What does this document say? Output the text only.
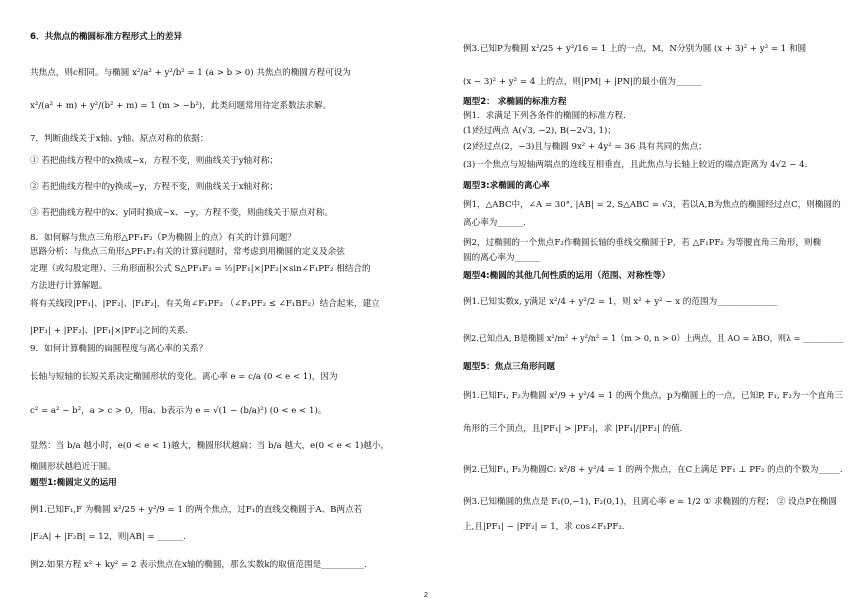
6．共焦点的椭圆标准方程形式上的差异
共焦点，则c相同。与椭圆 x²/a² + y²/b² = 1 (a > b > 0) 共焦点的椭圆方程可设为
x²/(a² + m) + y²/(b² + m) = 1 (m > −b²)，此类问题常用待定系数法求解。
7．判断曲线关于x轴、y轴、原点对称的依据：
① 若把曲线方程中的x换成−x，方程不变，则曲线关于y轴对称；
② 若把曲线方程中的y换成−y，方程不变，则曲线关于x轴对称；
③ 若把曲线方程中的x、y同时换成−x、−y，方程不变，则曲线关于原点对称。
8．如何解与焦点三角形△PF₁F₂（P为椭圆上的点）有关的计算问题？
思路分析：与焦点三角形△PF₁F₂有关的计算问题时，常考虑到用椭圆的定义及余弦
定理（或勾股定理）、三角形面积公式 S△PF₁F₂ = ½|PF₁|×|PF₂|×sin∠F₁PF₂ 相结合的
方法进行计算解题。
将有关线段|PF₁|、|PF₂|、|F₁F₂|，有关角∠F₁PF₂ （∠F₁PF₂ ≤ ∠F₁BF₂）结合起来，建立
|PF₁| + |PF₂|、|PF₁|×|PF₂|之间的关系.
9．如何计算椭圆的扁圆程度与离心率的关系？
长轴与短轴的长短关系决定椭圆形状的变化。离心率 e = c/a (0 < e < 1)，因为
c² = a² − b²，a > c > 0，用a、b表示为 e = √(1 − (b/a)²) (0 < e < 1)。
显然：当 b/a 越小时，e(0 < e < 1)越大，椭圆形状越扁；当 b/a 越大，e(0 < e < 1)越小，
椭圆形状越趋近于圆。
题型1:椭圆定义的运用
例1.已知F₁,F 为椭圆 x²/25 + y²/9 = 1 的两个焦点，过F₁的直线交椭圆于A、B两点若
|F₂A| + |F₂B| = 12，则|AB| = ______.
例2.如果方程 x² + ky² = 2 表示焦点在x轴的椭圆，那么实数k的取值范围是__________.
例3.已知P为椭圆 x²/25 + y²/16 = 1 上的一点，M，N分别为圆 (x + 3)² + y² = 1 和圆
(x − 3)² + y² = 4 上的点，则|PM| + |PN|的最小值为______
题型2： 求椭圆的标准方程
例1．求满足下列各条件的椭圆的标准方程.
(1)经过两点 A(√3, −2), B(−2√3, 1)；
(2)经过点(2，−3)且与椭圆 9x² + 4y² = 36 具有共同的焦点；
(3)一个焦点与短轴两端点的连线互相垂直，且此焦点与长轴上较近的端点距离为 4√2 − 4.
题型3:求椭圆的离心率
例1，△ABC中，∠A = 30°, |AB| = 2, S△ABC = √3，若以A,B为焦点的椭圆经过点C，则椭圆的
离心率为______.
例2，过椭圆的一个焦点F₂作椭圆长轴的垂线交椭圆于P，若 △F₁PF₂ 为等腰直角三角形，则椭
圆的离心率为______
题型4:椭圆的其他几何性质的运用（范围、对称性等）
例1.已知实数x, y满足 x²/4 + y²/2 = 1，则 x² + y² − x 的范围为______________
例2.已知点A, B是椭圆 x²/m² + y²/n² = 1（m > 0, n > 0）上两点，且 AO = λBO，则λ = __________
题型5：焦点三角形问题
例1.已知F₁, F₂为椭圆 x²/9 + y²/4 = 1 的两个焦点，p为椭圆上的一点，已知P, F₁, F₂为一个直角三
角形的三个顶点，且|PF₁| > |PF₂|，求 |PF₁|/|PF₂| 的值.
例2.已知F₁, F₂为椭圆C: x²/8 + y²/4 = 1 的两个焦点，在C上满足 PF₁ ⊥ PF₂ 的点的个数为_____.
例3.已知椭圆的焦点是 F₁(0,−1), F₂(0,1)，且离心率 e = 1/2 ① 求椭圆的方程； ② 设点P在椭圆
上,且|PF₁| − |PF₂| = 1，求 cos∠F₁PF₂.
2
